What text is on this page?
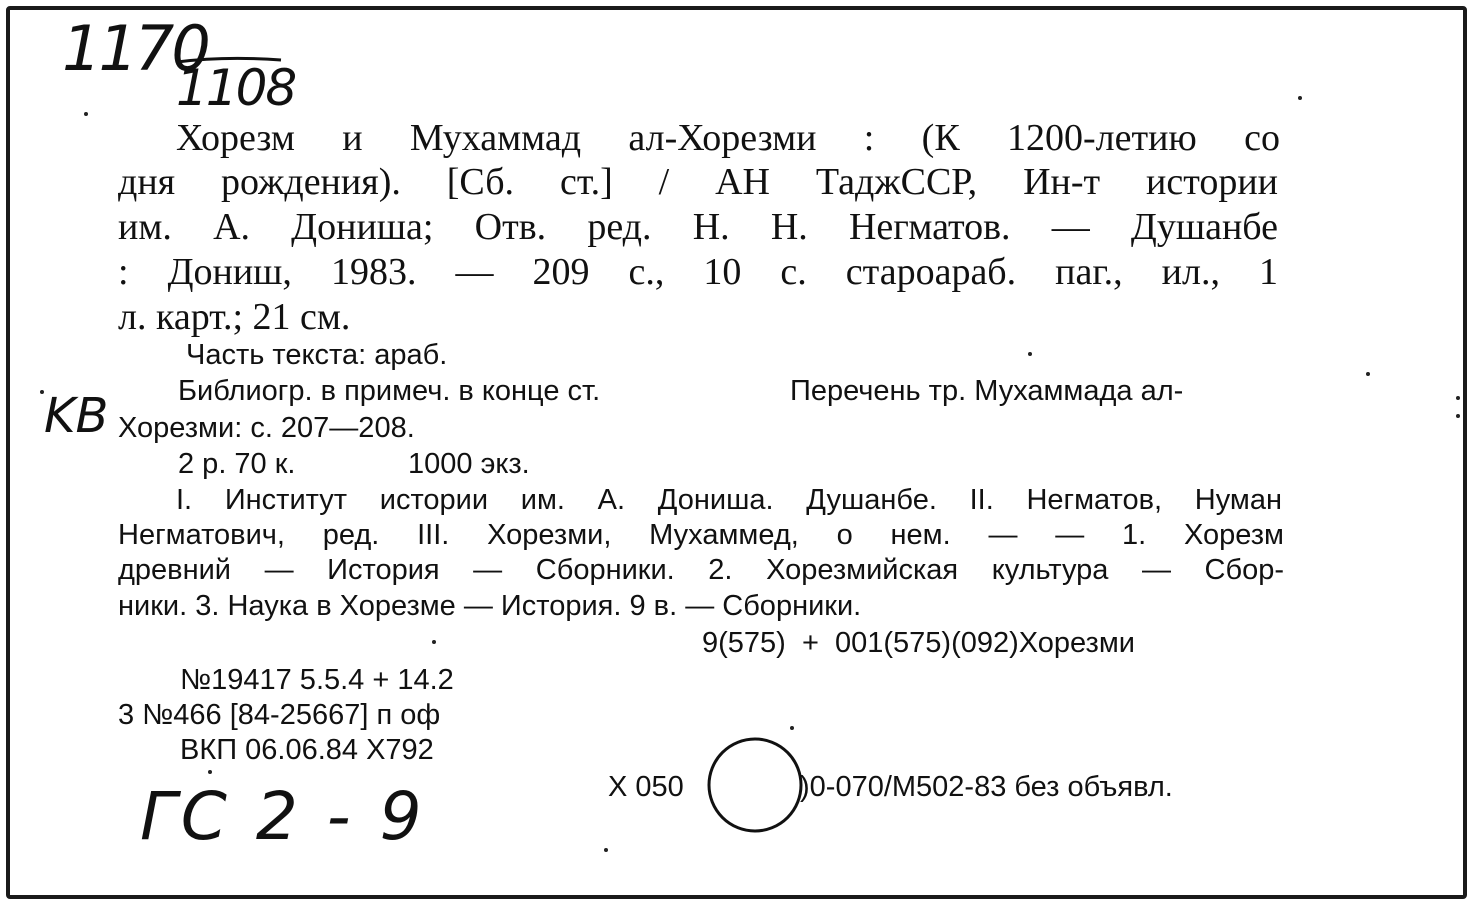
1170
1108
KB
ГС 2 - 9
Хорезм и Мухаммад ал-Хорезми : (К 1200-летию со
дня рождения). [Сб. ст.] / АН ТаджССР, Ин-т истории
им. А. Дониша; Отв. ред. Н. Н. Негматов. — Душанбе
: Дониш, 1983. — 209 с., 10 с. староараб. паг., ил., 1
л. карт.; 21 см.
Часть текста: араб.
Библиогр. в примеч. в конце ст.	Перечень тр. Мухаммада ал-
Хорезми: с. 207—208.
2 р. 70 к.	1000 экз.
I. Институт истории им. А. Дониша. Душанбе. II. Негматов, Нуман
Негматович, ред. III. Хорезми, Мухаммед, о нем. — — 1. Хорезм
древний — История — Сборники. 2. Хорезмийская культура — Сбор-
ники. 3. Наука в Хорезме — История. 9 в. — Сборники.
9(575)  +  001(575)(092)Хорезми
№19417 5.5.4 + 14.2
3 №466 [84-25667] п оф
ВКП 06.06.84 Х792
Х 050	)0-070/М502-83 без объявл.
